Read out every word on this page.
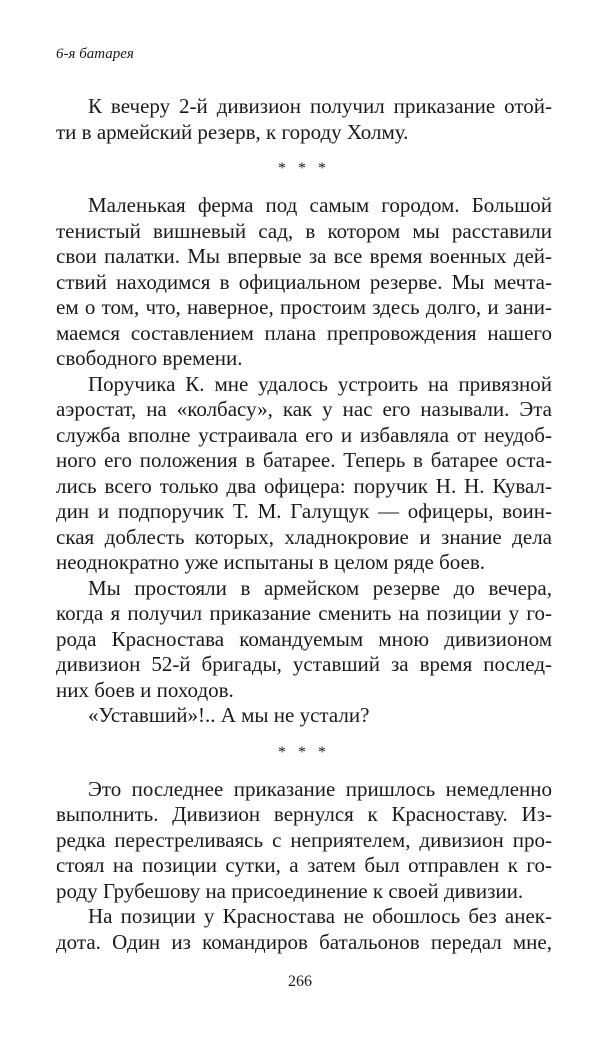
6-я батарея
К вечеру 2-й дивизион получил приказание отой-
ти в армейский резерв, к городу Холму.
* * *
Маленькая ферма под самым городом. Большой
тенистый вишневый сад, в котором мы расставили
свои палатки. Мы впервые за все время военных дей-
ствий находимся в официальном резерве. Мы мечта-
ем о том, что, наверное, простоим здесь долго, и зани-
маемся составлением плана препровождения нашего
свободного времени.
Поручика К. мне удалось устроить на привязной
аэростат, на «колбасу», как у нас его называли. Эта
служба вполне устраивала его и избавляла от неудоб-
ного его положения в батарее. Теперь в батарее оста-
лись всего только два офицера: поручик Н. Н. Кувал-
дин и подпоручик Т. М. Галущук — офицеры, воин-
ская доблесть которых, хладнокровие и знание дела
неоднократно уже испытаны в целом ряде боев.
Мы простояли в армейском резерве до вечера,
когда я получил приказание сменить на позиции у го-
рода Красностава командуемым мною дивизионом
дивизион 52-й бригады, уставший за время послед-
них боев и походов.
«Уставший»!.. А мы не устали?
* * *
Это последнее приказание пришлось немедленно
выполнить. Дивизион вернулся к Красноставу. Из-
редка перестреливаясь с неприятелем, дивизион про-
стоял на позиции сутки, а затем был отправлен к го-
роду Грубешову на присоединение к своей дивизии.
На позиции у Красностава не обошлось без анек-
дота. Один из командиров батальонов передал мне,
266
